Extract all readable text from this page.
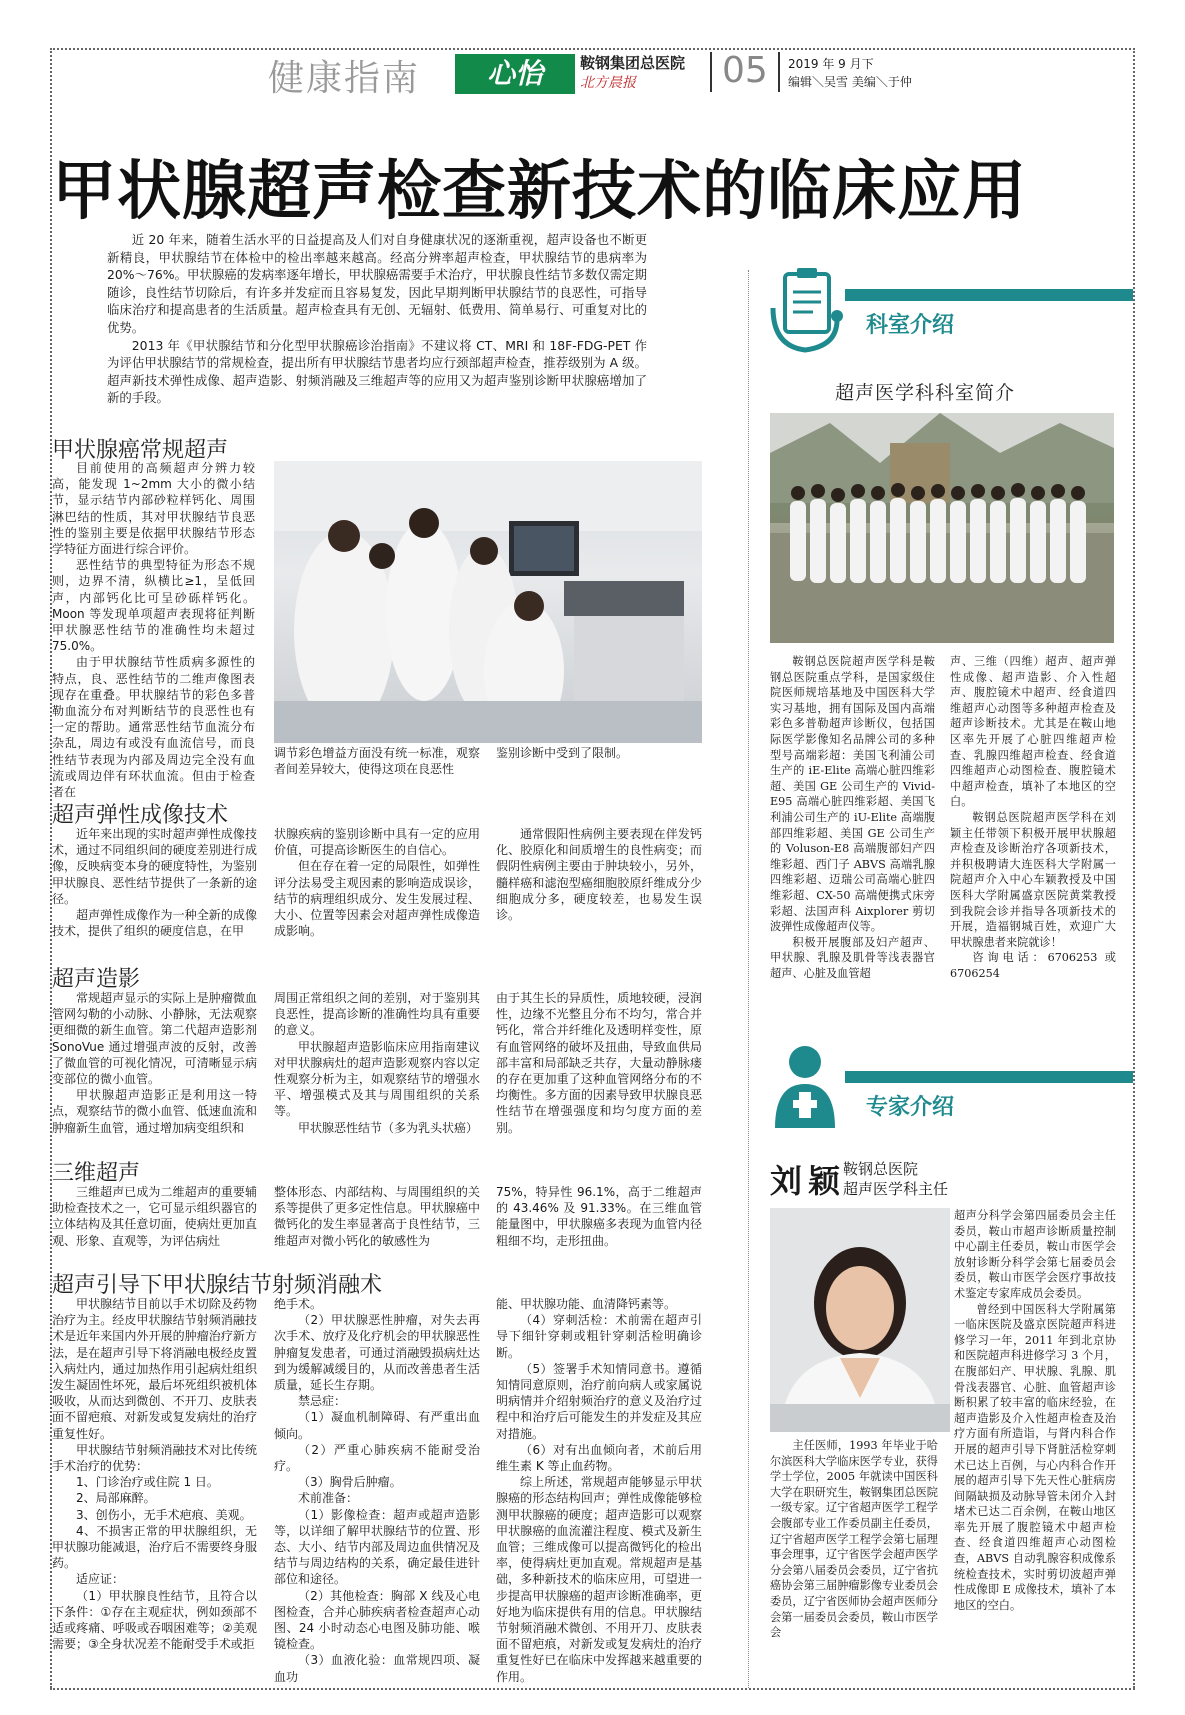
健康指南	心怡	鞍钢集团总医院
北方晨报 05 2019 年 9 月下
编辑＼吴雪 美编＼于仲
甲状腺超声检查新技术的临床应用

近 20 年来，随着生活水平的日益提高及人们对自身健康状况的逐渐重视，超声设备也不断更新精良，甲状腺结节在体检中的检出率越来越高。经高分辨率超声检查，甲状腺结节的患病率为 20%～76%。甲状腺癌的发病率逐年增长，甲状腺癌需要手术治疗，甲状腺良性结节多数仅需定期随诊，良性结节切除后，有许多并发症而且容易复发，因此早期判断甲状腺结节的良恶性，可指导临床治疗和提高患者的生活质量。超声检查具有无创、无辐射、低费用、简单易行、可重复对比的优势。

2013 年《甲状腺结节和分化型甲状腺癌诊治指南》不建议将 CT、MRI 和 18F-FDG-PET 作为评估甲状腺结节的常规检查，提出所有甲状腺结节患者均应行颈部超声检查，推荐级别为 A 级。超声新技术弹性成像、超声造影、射频消融及三维超声等的应用又为超声鉴别诊断甲状腺癌增加了新的手段。

甲状腺癌常规超声

目前使用的高频超声分辨力较高，能发现 1~2mm 大小的微小结节，显示结节内部砂粒样钙化、周围淋巴结的性质，其对甲状腺结节良恶性的鉴别主要是依据甲状腺结节形态学特征方面进行综合评价。

恶性结节的典型特征为形态不规则，边界不清，纵横比≥1，呈低回声，内部钙化比可呈砂砾样钙化。Moon 等发现单项超声表现将征判断甲状腺恶性结节的准确性均未超过 75.0%。

由于甲状腺结节性质病多源性的特点，良、恶性结节的二维声像图表现存在重叠。甲状腺结节的彩色多普勒血流分布对判断结节的良恶性也有一定的帮助。通常恶性结节血流分布杂乱，周边有或没有血流信号，而良性结节表现为内部及周边完全没有血流或周边伴有环状血流。但由于检查者在

调节彩色增益方面没有统一标准，观察者间差异较大，使得这项在良恶性

鉴别诊断中受到了限制。

超声弹性成像技术

近年来出现的实时超声弹性成像技术，通过不同组织间的硬度差别进行成像，反映病变本身的硬度特性，为鉴别甲状腺良、恶性结节提供了一条新的途径。

超声弹性成像作为一种全新的成像技术，提供了组织的硬度信息，在甲

状腺疾病的鉴别诊断中具有一定的应用价值，可提高诊断医生的自信心。

但在存在着一定的局限性，如弹性评分法易受主观因素的影响造成误诊，结节的病理组织成分、发生发展过程、大小、位置等因素会对超声弹性成像造成影响。

通常假阳性病例主要表现在伴发钙化、胶原化和间质增生的良性病变；而假阴性病例主要由于肿块较小，另外，髓样癌和滤泡型癌细胞胶原纤维成分少细胞成分多，硬度较差，也易发生误诊。

超声造影

常规超声显示的实际上是肿瘤微血管网勾勒的小动脉、小静脉，无法观察更细微的新生血管。第二代超声造影剂 SonoVue 通过增强声波的反射，改善了微血管的可视化情况，可清晰显示病变部位的微小血管。

甲状腺超声造影正是利用这一特点，观察结节的微小血管、低速血流和肿瘤新生血管，通过增加病变组织和

周围正常组织之间的差别，对于鉴别其良恶性，提高诊断的准确性均具有重要的意义。

甲状腺超声造影临床应用指南建议对甲状腺病灶的超声造影观察内容以定性观察分析为主，如观察结节的增强水平、增强模式及其与周围组织的关系等。

甲状腺恶性结节（多为乳头状癌）

由于其生长的异质性，质地较硬，浸润性，边缘不光整且分布不均匀，常合并钙化，常合并纤维化及透明样变性，原有血管网络的破坏及扭曲，导致血供局部丰富和局部缺乏共存，大量动静脉瘘的存在更加重了这种血管网络分布的不均衡性。多方面的因素导致甲状腺良恶性结节在增强强度和均匀度方面的差别。

三维超声

三维超声已成为二维超声的重要辅助检查技术之一，它可显示组织器官的立体结构及其任意切面，使病灶更加直观、形象、直观等，为评估病灶

整体形态、内部结构、与周围组织的关系等提供了更多定性信息。甲状腺癌中微钙化的发生率显著高于良性结节，三维超声对微小钙化的敏感性为

75%，特异性 96.1%，高于二维超声的 43.46% 及 91.33%。在三维血管能量图中，甲状腺癌多表现为血管内径粗细不均，走形扭曲。

超声引导下甲状腺结节射频消融术

甲状腺结节目前以手术切除及药物治疗为主。经皮甲状腺结节射频消融技术是近年来国内外开展的肿瘤治疗新方法，是在超声引导下将消融电极经皮置入病灶内，通过加热作用引起病灶组织发生凝固性坏死，最后坏死组织被机体吸收，从而达到微创、不开刀、皮肤表面不留疤痕、对新发或复发病灶的治疗重复性好。

甲状腺结节射频消融技术对比传统手术治疗的优势：

1、门诊治疗或住院 1 日。

2、局部麻醉。

3、创伤小，无手术疤痕、美观。

4、不损害正常的甲状腺组织，无甲状腺功能减退，治疗后不需要终身服药。

适应证：

（1）甲状腺良性结节，且符合以下条件：①存在主观症状，例如颈部不适或疼痛、呼吸或吞咽困难等；②美观需要；③全身状况差不能耐受手术或拒

绝手术。

（2）甲状腺恶性肿瘤，对失去再次手术、放疗及化疗机会的甲状腺恶性肿瘤复发患者，可通过消融毁损病灶达到为缓解减缓目的，从而改善患者生活质量，延长生存期。

禁忌症：

（1）凝血机制障碍、有严重出血倾向。

（2）严重心肺疾病不能耐受治疗。

（3）胸骨后肿瘤。

术前准备：

（1）影像检查：超声或超声造影等，以详细了解甲状腺结节的位置、形态、大小、结节内部及周边血供情况及结节与周边结构的关系，确定最佳进针部位和途径。

（2）其他检查：胸部 X 线及心电图检查，合并心肺疾病者检查超声心动图、24 小时动态心电图及肺功能、喉镜检查。

（3）血液化验：血常规四项、凝血功

能、甲状腺功能、血清降钙素等。

（4）穿刺活检：术前需在超声引导下细针穿刺或粗针穿刺活检明确诊断。

（5）签署手术知情同意书。遵循知情同意原则，治疗前向病人或家属说明病情并介绍射频治疗的意义及治疗过程中和治疗后可能发生的并发症及其应对措施。

（6）对有出血倾向者，术前后用维生素 K 等止血药物。

综上所述，常规超声能够显示甲状腺癌的形态结构回声；弹性成像能够检测甲状腺癌的硬度；超声造影可以观察甲状腺癌的血流灌注程度、模式及新生血管；三维成像可以提高微钙化的检出率，使得病灶更加直观。常规超声是基础，多种新技术的临床应用，可望进一步提高甲状腺癌的超声诊断准确率，更好地为临床提供有用的信息。甲状腺结节射频消融术微创、不用开刀、皮肤表面不留疤痕，对新发或复发病灶的治疗重复性好已在临床中发挥越来越重要的作用。

科室介绍
超声医学科科室简介

鞍钢总医院超声医学科是鞍钢总医院重点学科，是国家级住院医师规培基地及中国医科大学实习基地，拥有国际及国内高端彩色多普勒超声诊断仪，包括国际医学影像知名品牌公司的多种型号高端彩超：美国飞利浦公司生产的 iE-Elite 高端心脏四维彩超、美国 GE 公司生产的 Vivid-E95 高端心脏四维彩超、美国飞利浦公司生产的 iU-Elite 高端腹部四维彩超、美国 GE 公司生产的 Voluson-E8 高端腹部妇产四维彩超、西门子 ABVS 高端乳腺四维彩超、迈瑞公司高端心脏四维彩超、CX-50 高端便携式床旁彩超、法国声科 Aixplorer 剪切波弹性成像超声仪等。

积极开展腹部及妇产超声、甲状腺、乳腺及肌骨等浅表器官超声、心脏及血管超

声、三维（四维）超声、超声弹性成像、超声造影、介入性超声、腹腔镜术中超声、经食道四维超声心动图等多种超声检查及超声诊断技术。尤其是在鞍山地区率先开展了心脏四维超声检查、乳腺四维超声检查、经食道四维超声心动图检查、腹腔镜术中超声检查，填补了本地区的空白。

鞍钢总医院超声医学科在刘颖主任带领下积极开展甲状腺超声检查及诊断治疗各项新技术，并积极聘请大连医科大学附属一院超声介入中心车颖教授及中国医科大学附属盛京医院黄棠教授到我院会诊并指导各项新技术的开展，造福钢城百姓，欢迎广大甲状腺患者来院就诊！

咨询电话：6706253 或 6706254

专家介绍
刘颖
鞍钢总医院
超声医学科主任

超声分科学会第四届委员会主任委员，鞍山市超声诊断质量控制中心副主任委员，鞍山市医学会放射诊断分科学会第七届委员会委员，鞍山市医学会医疗事故技术鉴定专家库成员会委员。

曾经到中国医科大学附属第一临床医院及盛京医院超声科进修学习一年，2011 年到北京协和医院超声科进修学习 3 个月，在腹部妇产、甲状腺、乳腺、肌骨浅表器官、心脏、血管超声诊断积累了较丰富的临床经验，在超声造影及介入性超声检查及治疗方面有所造诣，与肾内科合作开展的超声引导下肾脏活检穿刺术已达上百例，与心内科合作开展的超声引导下先天性心脏病房间隔缺损及动脉导管未闭介入封堵术已达二百余例，在鞍山地区率先开展了腹腔镜术中超声检查、经食道四维超声心动图检查，ABVS 自动乳腺容积成像系统检查技术，实时剪切波超声弹性成像即 E 成像技术，填补了本地区的空白。

主任医师，1993 年毕业于哈尔滨医科大学临床医学专业，获得学士学位，2005 年就读中国医科大学在职研究生，鞍钢集团总医院一级专家。辽宁省超声医学工程学会腹部专业工作委员副主任委员，辽宁省超声医学工程学会第七届理事会理事，辽宁省医学会超声医学分会第八届委员会委员，辽宁省抗癌协会第三届肿瘤影像专业委员会委员，辽宁省医师协会超声医师分会第一届委员会委员，鞍山市医学会
